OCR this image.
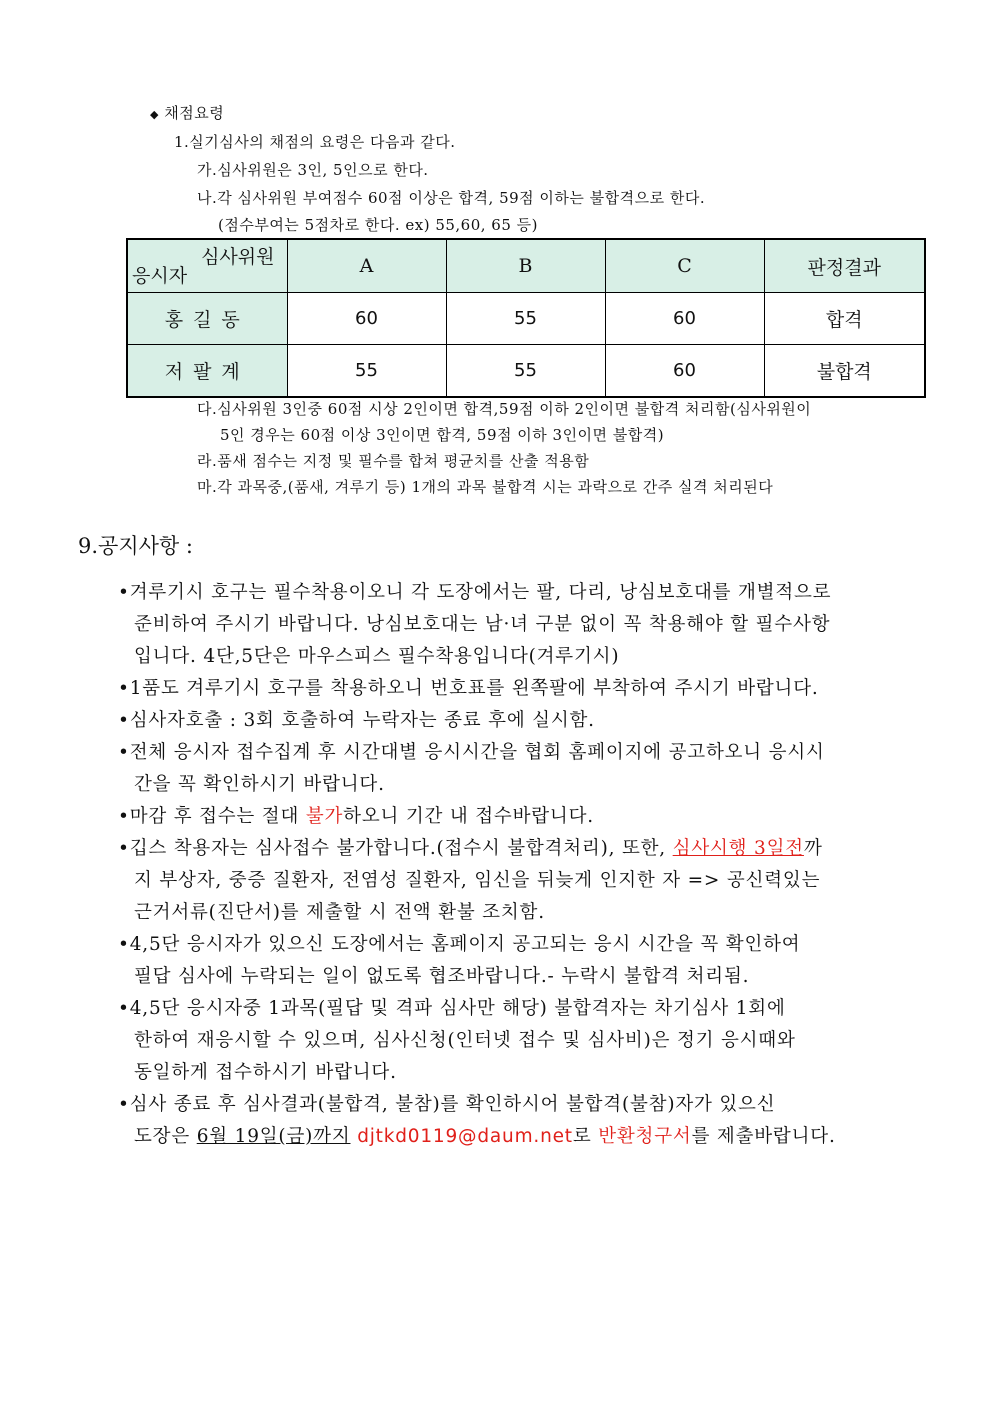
◆ 채점요령
1.실기심사의 채점의 요령은 다음과 같다.
가.심사위원은 3인, 5인으로 한다.
나.각 심사위원 부여점수 60점 이상은 합격, 59점 이하는 불합격으로 한다.
(점수부여는 5점차로 한다. ex) 55,60, 65 등)
심사위원
응시자	A	B	C	판정결과
홍길동	60	55	60	합격
저팔계	55	55	60	불합격
다.심사위원 3인중 60점 시상 2인이면 합격,59점 이하 2인이면 불합격 처리함(심사위원이
5인 경우는 60점 이상 3인이면 합격, 59점 이하 3인이면 불합격)
라.품새 점수는 지정 및 필수를 합쳐 평균치를 산출 적용함
마.각 과목중,(품새, 겨루기 등) 1개의 과목 불합격 시는 과락으로 간주 실격 처리된다
9.공지사항 :
•겨루기시 호구는 필수착용이오니 각 도장에서는 팔, 다리, 낭심보호대를 개별적으로
준비하여 주시기 바랍니다. 낭심보호대는 남·녀 구분 없이 꼭 착용해야 할 필수사항
입니다. 4단,5단은 마우스피스 필수착용입니다(겨루기시)
•1품도 겨루기시 호구를 착용하오니 번호표를 왼쪽팔에 부착하여 주시기 바랍니다.
•심사자호출 : 3회 호출하여 누락자는 종료 후에 실시함.
•전체 응시자 접수집계 후 시간대별 응시시간을 협회 홈페이지에 공고하오니 응시시
간을 꼭 확인하시기 바랍니다.
•마감 후 접수는 절대 불가하오니 기간 내 접수바랍니다.
•깁스 착용자는 심사접수 불가합니다.(접수시 불합격처리), 또한, 심사시행 3일전까
지 부상자, 중증 질환자, 전염성 질환자, 임신을 뒤늦게 인지한 자 => 공신력있는
근거서류(진단서)를 제출할 시 전액 환불 조치함.
•4,5단 응시자가 있으신 도장에서는 홈페이지 공고되는 응시 시간을 꼭 확인하여
필답 심사에 누락되는 일이 없도록 협조바랍니다.- 누락시 불합격 처리됨.
•4,5단 응시자중 1과목(필답 및 격파 심사만 해당) 불합격자는 차기심사 1회에
한하여 재응시할 수 있으며, 심사신청(인터넷 접수 및 심사비)은 정기 응시때와
동일하게 접수하시기 바랍니다.
•심사 종료 후 심사결과(불합격, 불참)를 확인하시어 불합격(불참)자가 있으신
도장은 6월 19일(금)까지 djtkd0119@daum.net로 반환청구서를 제출바랍니다.
